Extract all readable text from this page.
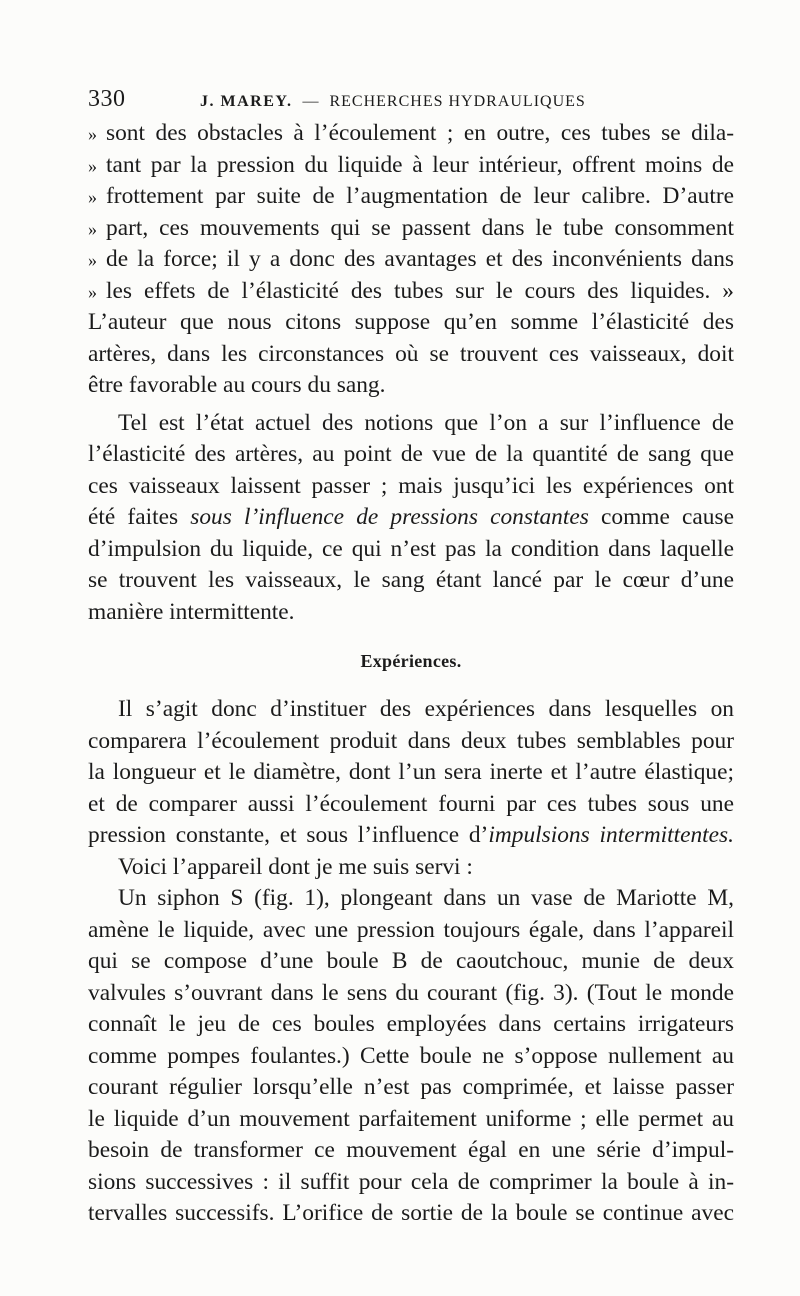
330	J. MAREY. — RECHERCHES HYDRAULIQUES
» sont des obstacles à l’écoulement ; en outre, ces tubes se dila-
» tant par la pression du liquide à leur intérieur, offrent moins de
» frottement par suite de l’augmentation de leur calibre. D’autre
» part, ces mouvements qui se passent dans le tube consomment
» de la force; il y a donc des avantages et des inconvénients dans
» les effets de l’élasticité des tubes sur le cours des liquides. »
L’auteur que nous citons suppose qu’en somme l’élasticité des
artères, dans les circonstances où se trouvent ces vaisseaux, doit
être favorable au cours du sang.
Tel est l’état actuel des notions que l’on a sur l’influence de
l’élasticité des artères, au point de vue de la quantité de sang que
ces vaisseaux laissent passer ; mais jusqu’ici les expériences ont
été faites sous l’influence de pressions constantes comme cause
d’impulsion du liquide, ce qui n’est pas la condition dans laquelle
se trouvent les vaisseaux, le sang étant lancé par le cœur d’une
manière intermittente.
Expériences.
Il s’agit donc d’instituer des expériences dans lesquelles on
comparera l’écoulement produit dans deux tubes semblables pour
la longueur et le diamètre, dont l’un sera inerte et l’autre élastique;
et de comparer aussi l’écoulement fourni par ces tubes sous une
pression constante, et sous l’influence d’impulsions intermittentes.
Voici l’appareil dont je me suis servi :
Un siphon S (fig. 1), plongeant dans un vase de Mariotte M,
amène le liquide, avec une pression toujours égale, dans l’appareil
qui se compose d’une boule B de caoutchouc, munie de deux
valvules s’ouvrant dans le sens du courant (fig. 3). (Tout le monde
connaît le jeu de ces boules employées dans certains irrigateurs
comme pompes foulantes.) Cette boule ne s’oppose nullement au
courant régulier lorsqu’elle n’est pas comprimée, et laisse passer
le liquide d’un mouvement parfaitement uniforme ; elle permet au
besoin de transformer ce mouvement égal en une série d’impul-
sions successives : il suffit pour cela de comprimer la boule à in-
tervalles successifs. L’orifice de sortie de la boule se continue avec
